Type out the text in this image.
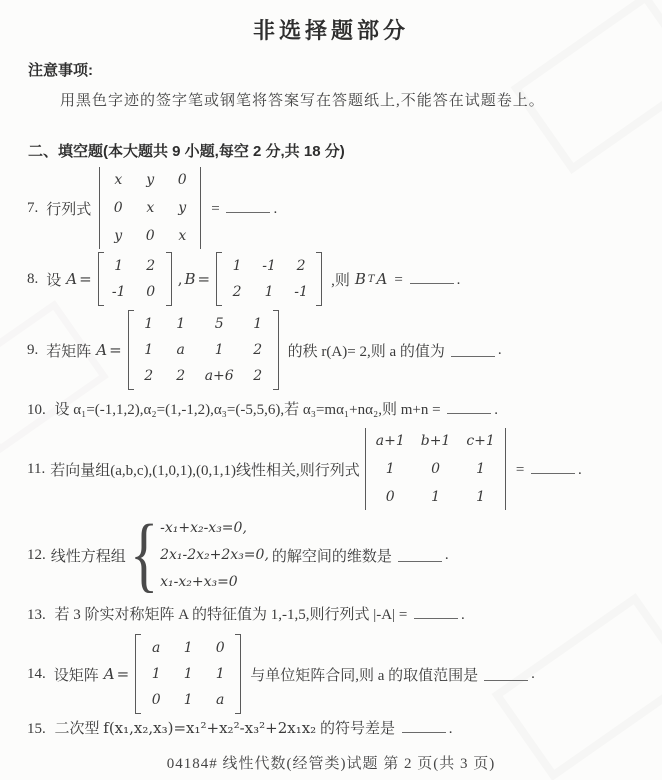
非选择题部分
注意事项:
用黑色字迹的签字笔或钢笔将答案写在答题纸上,不能答在试题卷上。
二、填空题(本大题共 9 小题,每空 2 分,共 18 分)
7. 行列式
x y 0
0 x y
y 0 x
=	.
8. 设 A =
1 2
-1 0
, B =
1 -1 2
2 1 -1
,则 B T A =	.
9. 若矩阵 A =
1 1 5 1
1 a 1 2
2 2 a+6 2
的秩 r(A)= 2,则 a 的值为	.
10. 设 α₁=(-1,1,2),α₂=(1,-1,2),α₃=(-5,5,6),若 α₃=mα₁+nα₂,则 m+n =	.
11. 若向量组(a,b,c),(1,0,1),(0,1,1)线性相关,则行列式
a+1 b+1 c+1
1	0	1
0	1	1
=	.
12. 线性方程组 { -x₁+x₂-x₃=0,
2x₁-2x₂+2x₃=0,
x₁-x₂+x₃=0
的解空间的维数是	.
13. 若 3 阶实对称矩阵 A 的特征值为 1,-1,5,则行列式 |-A| =	.
14. 设矩阵 A =
a 1 0
1 1 1
0 1 a
与单位矩阵合同,则 a 的取值范围是	.
15. 二次型 f(x₁,x₂,x₃)=x₁²+x₂²-x₃²+2x₁x₂ 的符号差是	.
04184# 线性代数(经管类)试题 第 2 页(共 3 页)
